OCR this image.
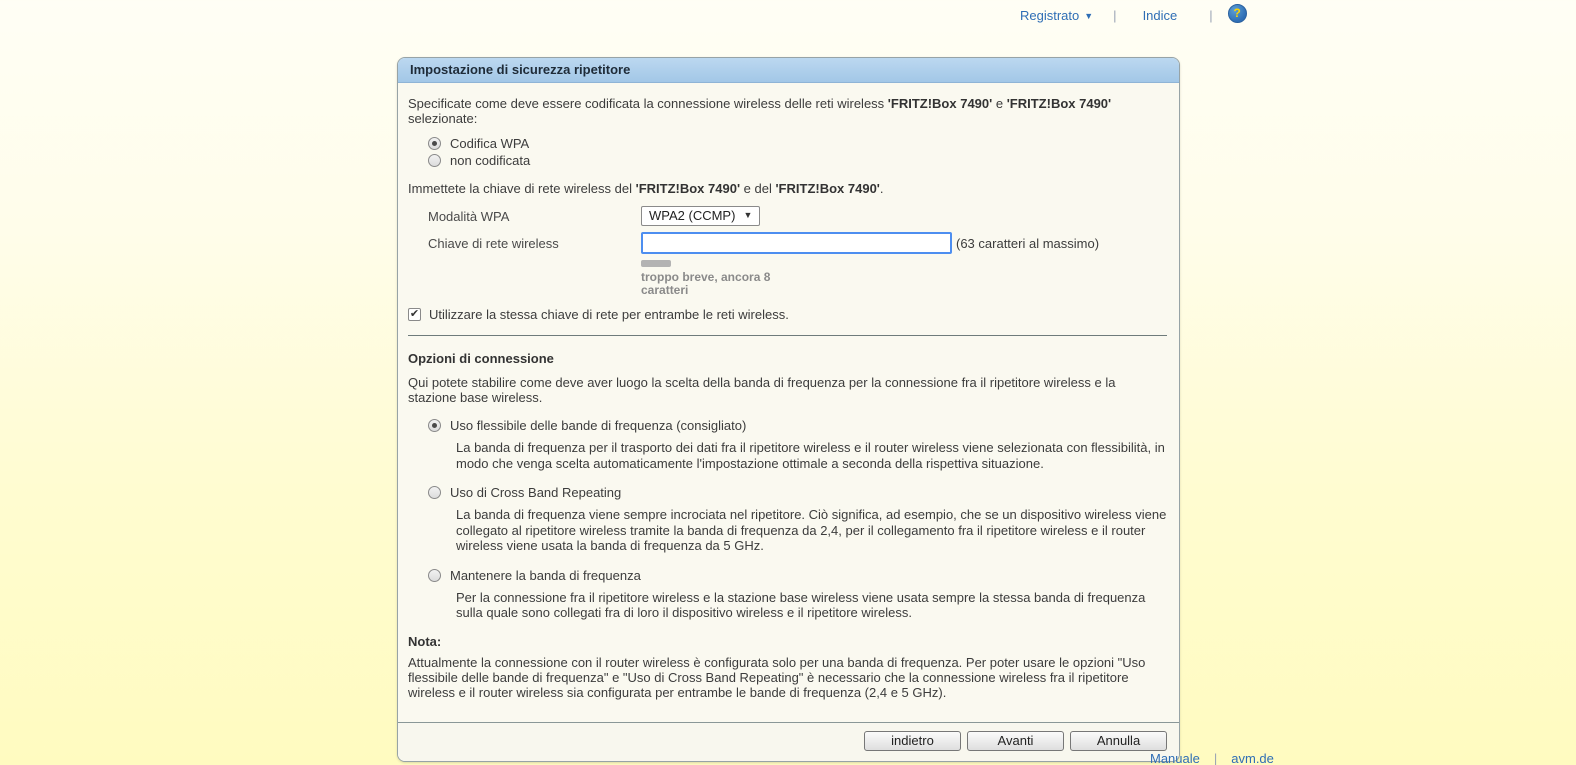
Registrato ▼ | Indice | ?
Impostazione di sicurezza ripetitore

Specificate come deve essere codificata la connessione wireless delle reti wireless 'FRITZ!Box 7490' e 'FRITZ!Box 7490' selezionate:

Codifica WPA
non codificata

Immettete la chiave di rete wireless del 'FRITZ!Box 7490' e del 'FRITZ!Box 7490'.

Modalità WPA	WPA2 (CCMP) ▼
Chiave di rete wireless	(63 caratteri al massimo)
troppo breve, ancora 8 caratteri
✔ Utilizzare la stessa chiave di rete per entrambe le reti wireless.
Opzioni di connessione

Qui potete stabilire come deve aver luogo la scelta della banda di frequenza per la connessione fra il ripetitore wireless e la stazione base wireless.

Uso flessibile delle bande di frequenza (consigliato)
La banda di frequenza per il trasporto dei dati fra il ripetitore wireless e il router wireless viene selezionata con flessibilità, in modo che venga scelta automaticamente l'impostazione ottimale a seconda della rispettiva situazione.
Uso di Cross Band Repeating
La banda di frequenza viene sempre incrociata nel ripetitore. Ciò significa, ad esempio, che se un dispositivo wireless viene collegato al ripetitore wireless tramite la banda di frequenza da 2,4, per il collegamento fra il ripetitore wireless e il router wireless viene usata la banda di frequenza da 5 GHz.
Mantenere la banda di frequenza
Per la connessione fra il ripetitore wireless e la stazione base wireless viene usata sempre la stessa banda di frequenza sulla quale sono collegati fra di loro il dispositivo wireless e il ripetitore wireless.
Nota:

Attualmente la connessione con il router wireless è configurata solo per una banda di frequenza. Per poter usare le opzioni "Uso flessibile delle bande di frequenza" e "Uso di Cross Band Repeating" è necessario che la connessione wireless fra il ripetitore wireless e il router wireless sia configurata per entrambe le bande di frequenza (2,4 e 5 GHz).

indietro	Avanti	Annulla
Manuale | avm.de
